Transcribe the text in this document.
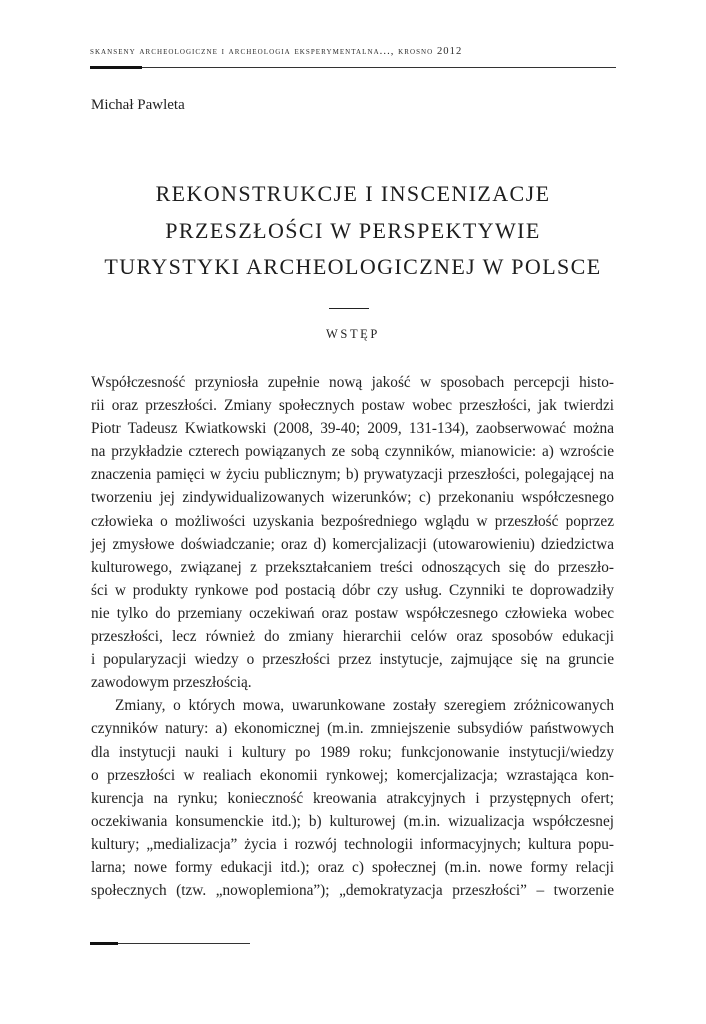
skanseny archeologiczne i archeologia eksperymentalna..., krosno 2012
Michał Pawleta
REKONSTRUKCJE I INSCENIZACJE
PRZESZŁOŚCI W PERSPEKTYWIE
TURYSTYKI ARCHEOLOGICZNEJ W POLSCE
WSTĘP
Współczesność przyniosła zupełnie nową jakość w sposobach percepcji histo-
rii oraz przeszłości. Zmiany społecznych postaw wobec przeszłości, jak twierdzi
Piotr Tadeusz Kwiatkowski (2008, 39-40; 2009, 131-134), zaobserwować można
na przykładzie czterech powiązanych ze sobą czynników, mianowicie: a) wzroście
znaczenia pamięci w życiu publicznym; b) prywatyzacji przeszłości, polegającej na
tworzeniu jej zindywidualizowanych wizerunków; c) przekonaniu współczesnego
człowieka o możliwości uzyskania bezpośredniego wglądu w przeszłość poprzez
jej zmysłowe doświadczanie; oraz d) komercjalizacji (utowarowieniu) dziedzictwa
kulturowego, związanej z przekształcaniem treści odnoszących się do przeszło-
ści w produkty rynkowe pod postacią dóbr czy usług. Czynniki te doprowadziły
nie tylko do przemiany oczekiwań oraz postaw współczesnego człowieka wobec
przeszłości, lecz również do zmiany hierarchii celów oraz sposobów edukacji
i popularyzacji wiedzy o przeszłości przez instytucje, zajmujące się na gruncie
zawodowym przeszłością.
Zmiany, o których mowa, uwarunkowane zostały szeregiem zróżnicowanych
czynników natury: a) ekonomicznej (m.in. zmniejszenie subsydiów państwowych
dla instytucji nauki i kultury po 1989 roku; funkcjonowanie instytucji/wiedzy
o przeszłości w realiach ekonomii rynkowej; komercjalizacja; wzrastająca kon-
kurencja na rynku; konieczność kreowania atrakcyjnych i przystępnych ofert;
oczekiwania konsumenckie itd.); b) kulturowej (m.in. wizualizacja współczesnej
kultury; „medializacja” życia i rozwój technologii informacyjnych; kultura popu-
larna; nowe formy edukacji itd.); oraz c) społecznej (m.in. nowe formy relacji
społecznych (tzw. „nowoplemiona”); „demokratyzacja przeszłości” – tworzenie
